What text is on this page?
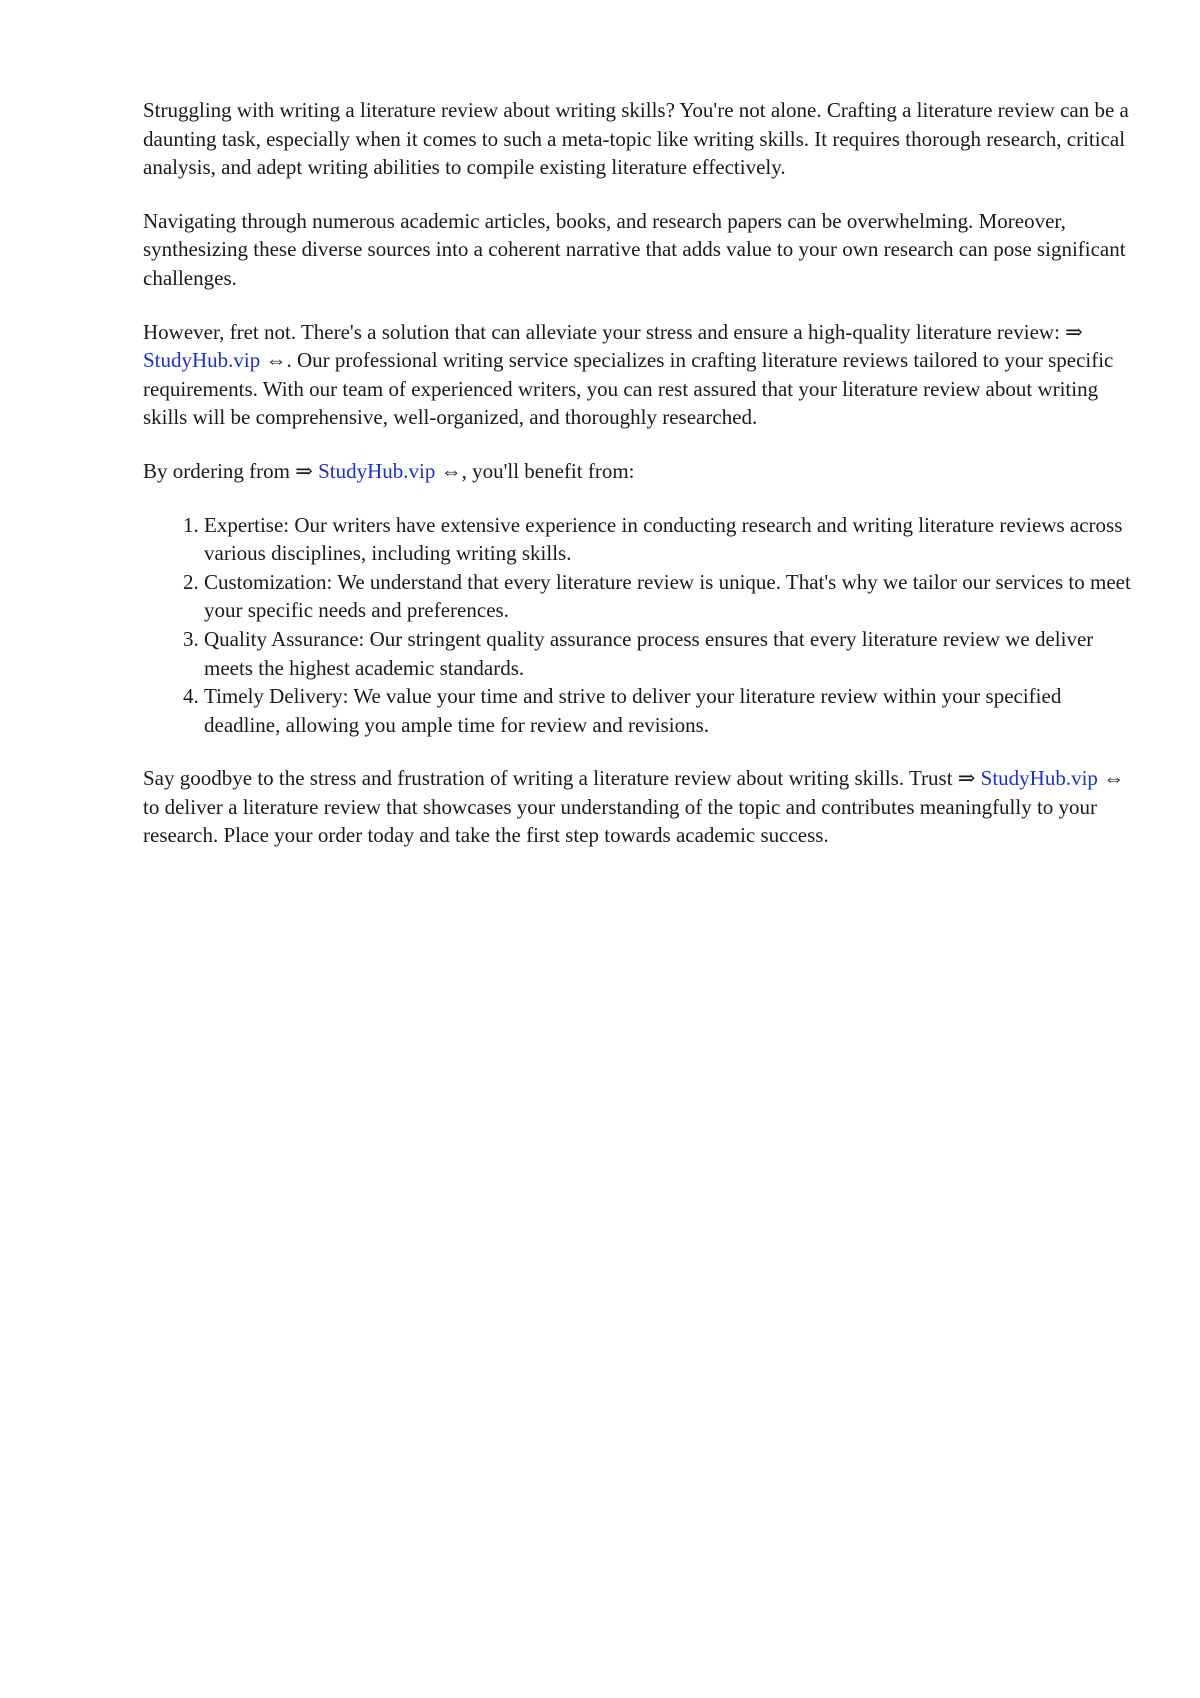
Struggling with writing a literature review about writing skills? You're not alone. Crafting a literature review can be a daunting task, especially when it comes to such a meta-topic like writing skills. It requires thorough research, critical analysis, and adept writing abilities to compile existing literature effectively.

Navigating through numerous academic articles, books, and research papers can be overwhelming. Moreover, synthesizing these diverse sources into a coherent narrative that adds value to your own research can pose significant challenges.

However, fret not. There's a solution that can alleviate your stress and ensure a high-quality literature review: ⇒ StudyHub.vip ⇔. Our professional writing service specializes in crafting literature reviews tailored to your specific requirements. With our team of experienced writers, you can rest assured that your literature review about writing skills will be comprehensive, well-organized, and thoroughly researched.

By ordering from ⇒ StudyHub.vip ⇔, you'll benefit from:

1. Expertise: Our writers have extensive experience in conducting research and writing literature reviews across various disciplines, including writing skills.
2. Customization: We understand that every literature review is unique. That's why we tailor our services to meet your specific needs and preferences.
3. Quality Assurance: Our stringent quality assurance process ensures that every literature review we deliver meets the highest academic standards.
4. Timely Delivery: We value your time and strive to deliver your literature review within your specified deadline, allowing you ample time for review and revisions.

Say goodbye to the stress and frustration of writing a literature review about writing skills. Trust ⇒ StudyHub.vip ⇔ to deliver a literature review that showcases your understanding of the topic and contributes meaningfully to your research. Place your order today and take the first step towards academic success.
